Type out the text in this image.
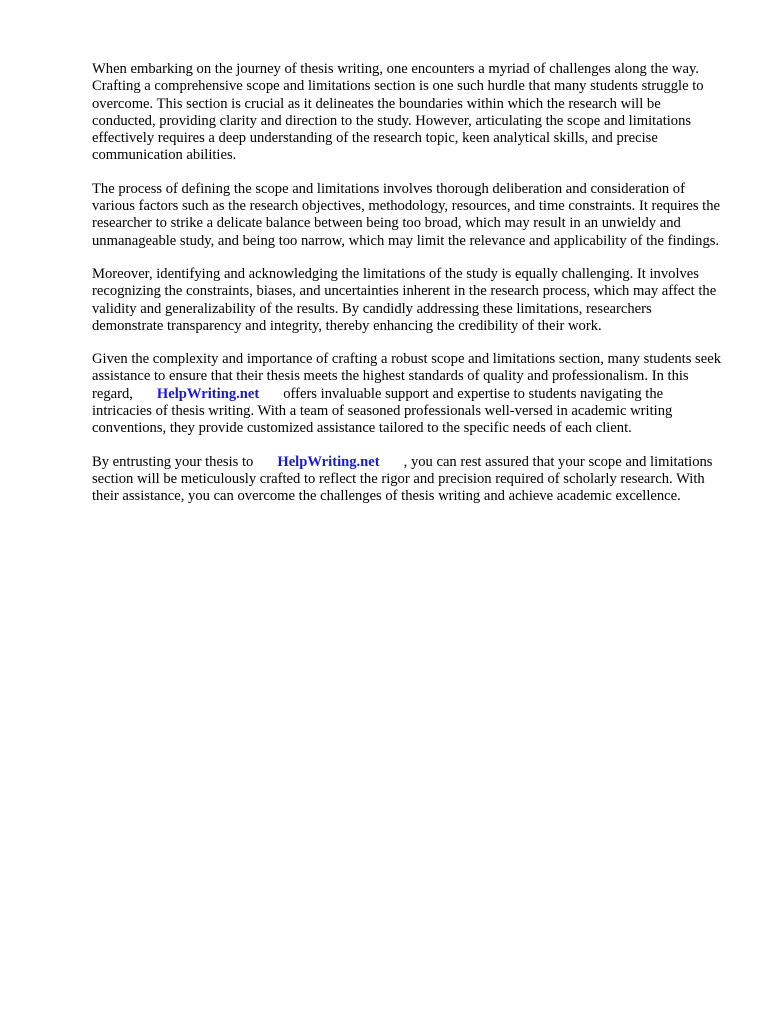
When embarking on the journey of thesis writing, one encounters a myriad of challenges along the way. Crafting a comprehensive scope and limitations section is one such hurdle that many students struggle to overcome. This section is crucial as it delineates the boundaries within which the research will be conducted, providing clarity and direction to the study. However, articulating the scope and limitations effectively requires a deep understanding of the research topic, keen analytical skills, and precise communication abilities.

The process of defining the scope and limitations involves thorough deliberation and consideration of various factors such as the research objectives, methodology, resources, and time constraints. It requires the researcher to strike a delicate balance between being too broad, which may result in an unwieldy and unmanageable study, and being too narrow, which may limit the relevance and applicability of the findings.

Moreover, identifying and acknowledging the limitations of the study is equally challenging. It involves recognizing the constraints, biases, and uncertainties inherent in the research process, which may affect the validity and generalizability of the results. By candidly addressing these limitations, researchers demonstrate transparency and integrity, thereby enhancing the credibility of their work.

Given the complexity and importance of crafting a robust scope and limitations section, many students seek assistance to ensure that their thesis meets the highest standards of quality and professionalism. In this regard, HelpWriting.net offers invaluable support and expertise to students navigating the intricacies of thesis writing. With a team of seasoned professionals well-versed in academic writing conventions, they provide customized assistance tailored to the specific needs of each client.

By entrusting your thesis to HelpWriting.net , you can rest assured that your scope and limitations section will be meticulously crafted to reflect the rigor and precision required of scholarly research. With their assistance, you can overcome the challenges of thesis writing and achieve academic excellence.
